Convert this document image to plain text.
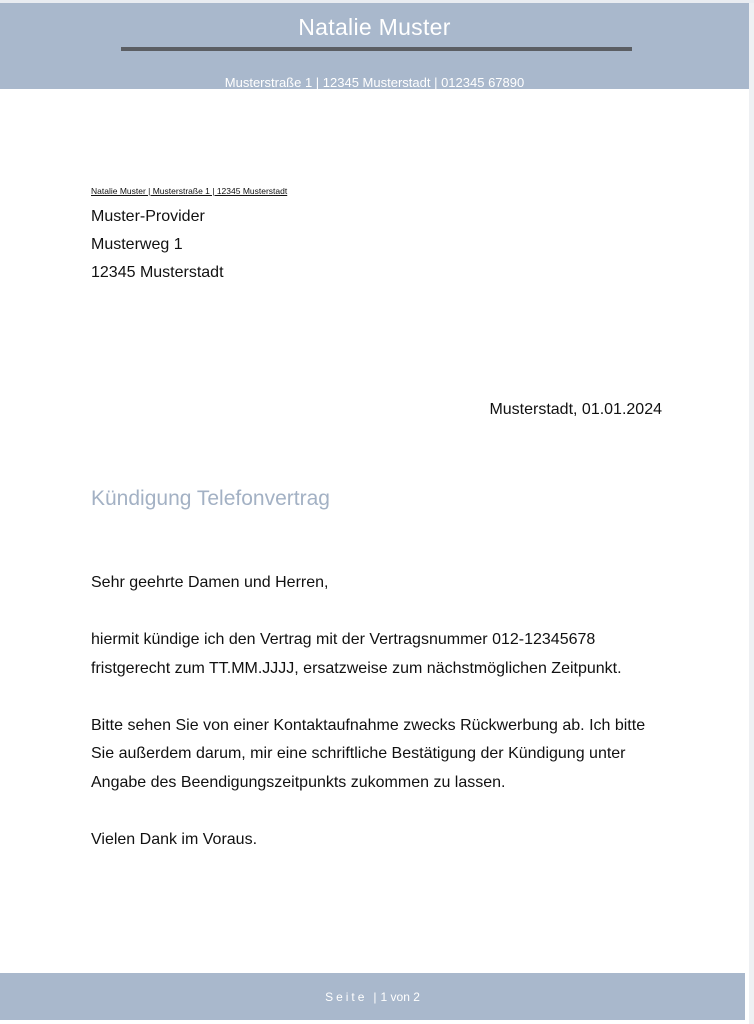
Natalie Muster
Musterstraße 1 | 12345 Musterstadt | 012345 67890
Natalie Muster | Musterstraße 1 | 12345 Musterstadt
Muster-Provider
Musterweg 1
12345 Musterstadt
Musterstadt, 01.01.2024
Kündigung Telefonvertrag

Sehr geehrte Damen und Herren,

hiermit kündige ich den Vertrag mit der Vertragsnummer 012-12345678 fristgerecht zum TT.MM.JJJJ, ersatzweise zum nächstmöglichen Zeitpunkt.

Bitte sehen Sie von einer Kontaktaufnahme zwecks Rückwerbung ab. Ich bitte Sie außerdem darum, mir eine schriftliche Bestätigung der Kündigung unter Angabe des Beendigungszeitpunkts zukommen zu lassen.

Vielen Dank im Voraus.

Seite | 1 von 2
